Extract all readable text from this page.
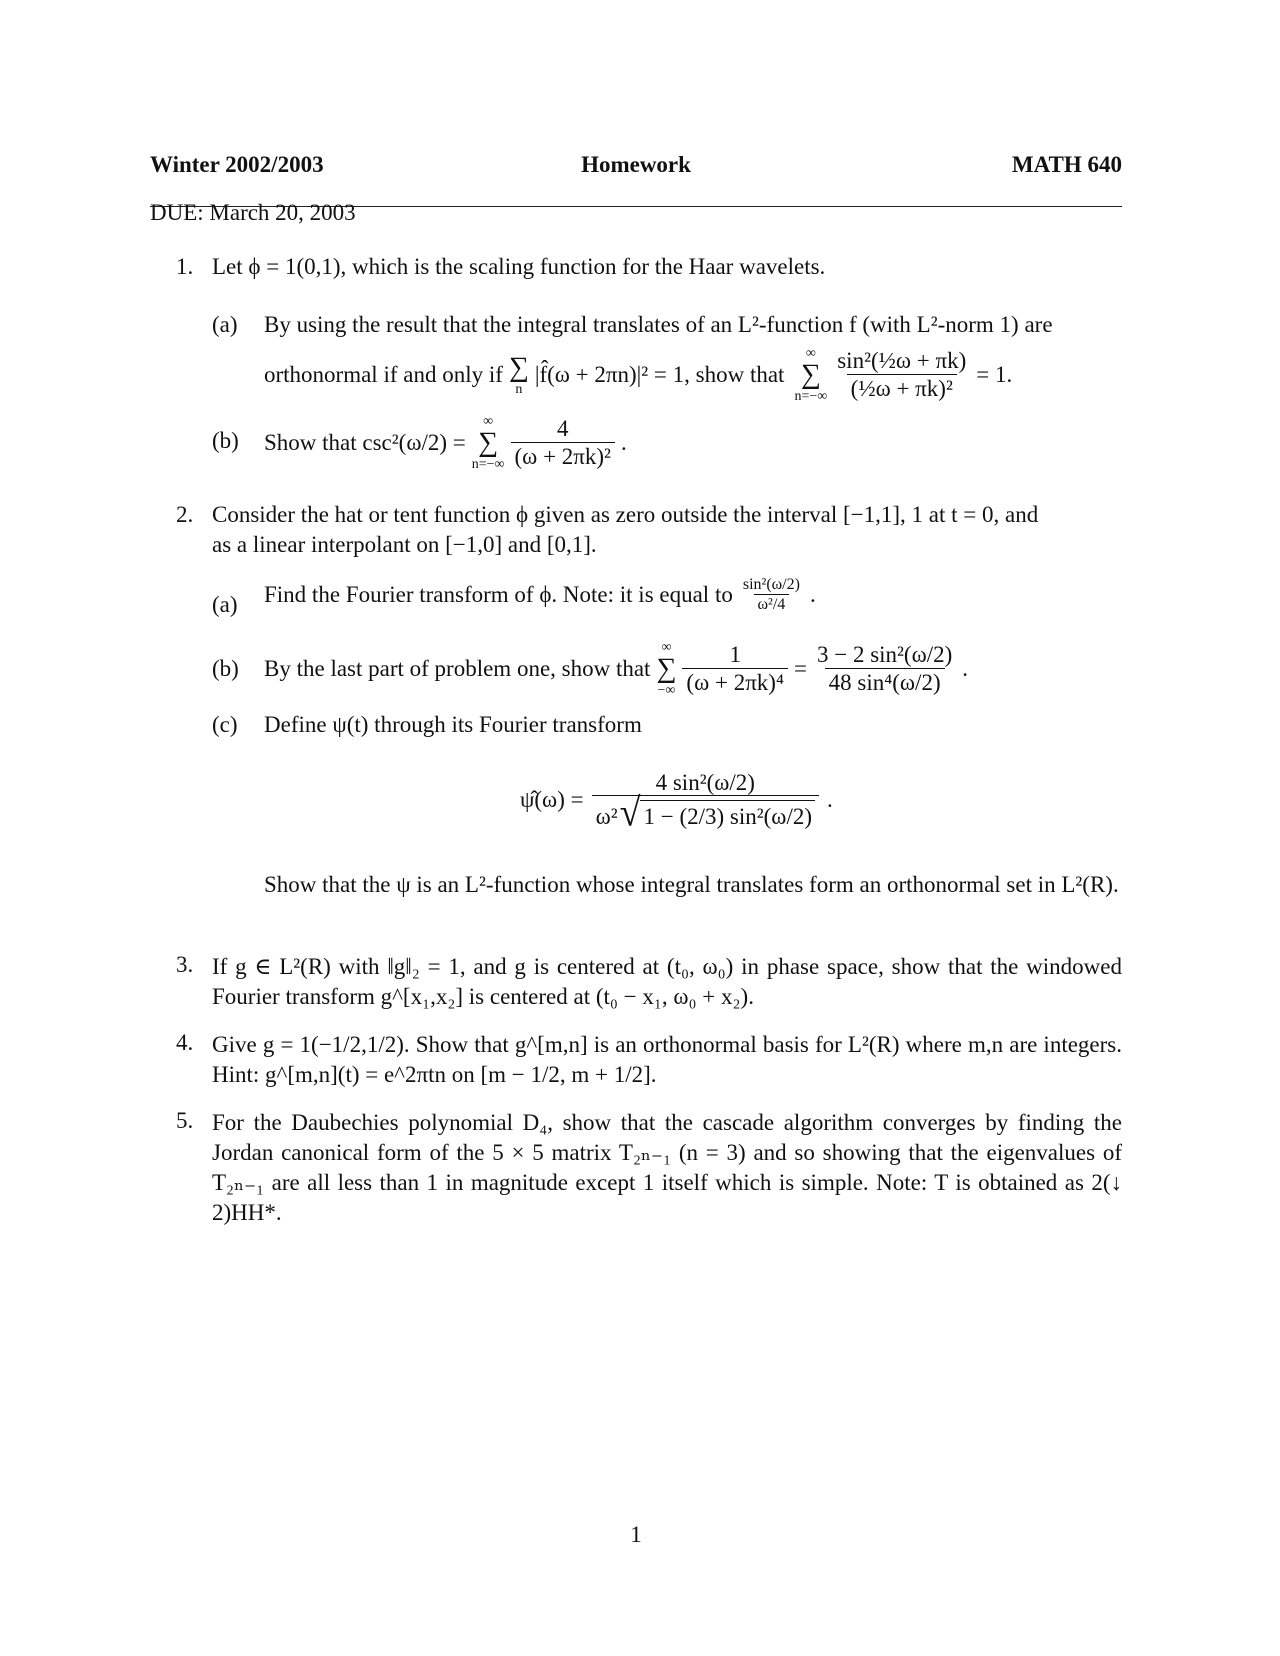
Winter 2002/2003	Homework	MATH 640
DUE: March 20, 2003
1. Let ϕ = 1(0,1), which is the scaling function for the Haar wavelets.
(a) By using the result that the integral translates of an L²-function f (with L²-norm 1) are
orthonormal if and only if ∑
n
|f̂(ω + 2πn)|² = 1, show that
∞
∑
$n=-\infty \frac{\text{sin²(½ω + πk)}}{\text{(½ω + πk)²}} = 1$.
(b) Show that csc²(ω/2) =
∞
∑
$n=-\infty \frac{4}{\text{(ω + 2πk)²}}$ .
2. Consider the hat or tent function ϕ given as zero outside the interval [−1,1], 1 at t = 0, and
as a linear interpolant on [−1,0] and [0,1].
(a) Find the Fourier transform of ϕ. Note: it is equal to $\frac{\text{sin²(ω/2)}}{\text{ω²/4}}$ .
(b) By the last part of problem one, show that
∞
∑
−∞ $\frac{1}{\text{(ω + 2πk)⁴}} = \frac{\text{3 − 2 sin²(ω/2)}}{\text{48 sin⁴(ω/2)}}$ .
(c) Define ψ(t) through its Fourier transform
ψ̂(ω) = $\frac{\text{4 sin²(ω/2)}}{\text{ω² √ 1 − (2/3) sin²(ω/2)}}$ .
Show that the ψ is an L²-function whose integral translates form an orthonormal set in L²(R).
3. If g ∈ L²(R) with ‖g‖₂ = 1, and g is centered at (t₀, ω₀) in phase space, show that the windowed Fourier transform g^[x₁,x₂] is centered at (t₀ − x₁, ω₀ + x₂).
4. Give g = 1(−1/2,1/2). Show that g^[m,n] is an orthonormal basis for L²(R) where m,n are integers. Hint: g^[m,n](t) = e^2πtn on [m − 1/2, m + 1/2].
5. For the Daubechies polynomial D₄, show that the cascade algorithm converges by finding the Jordan canonical form of the 5 × 5 matrix T₂ₙ₋₁ (n = 3) and so showing that the eigenvalues of T₂ₙ₋₁ are all less than 1 in magnitude except 1 itself which is simple. Note: T is obtained as 2(↓ 2)HH*.
1
